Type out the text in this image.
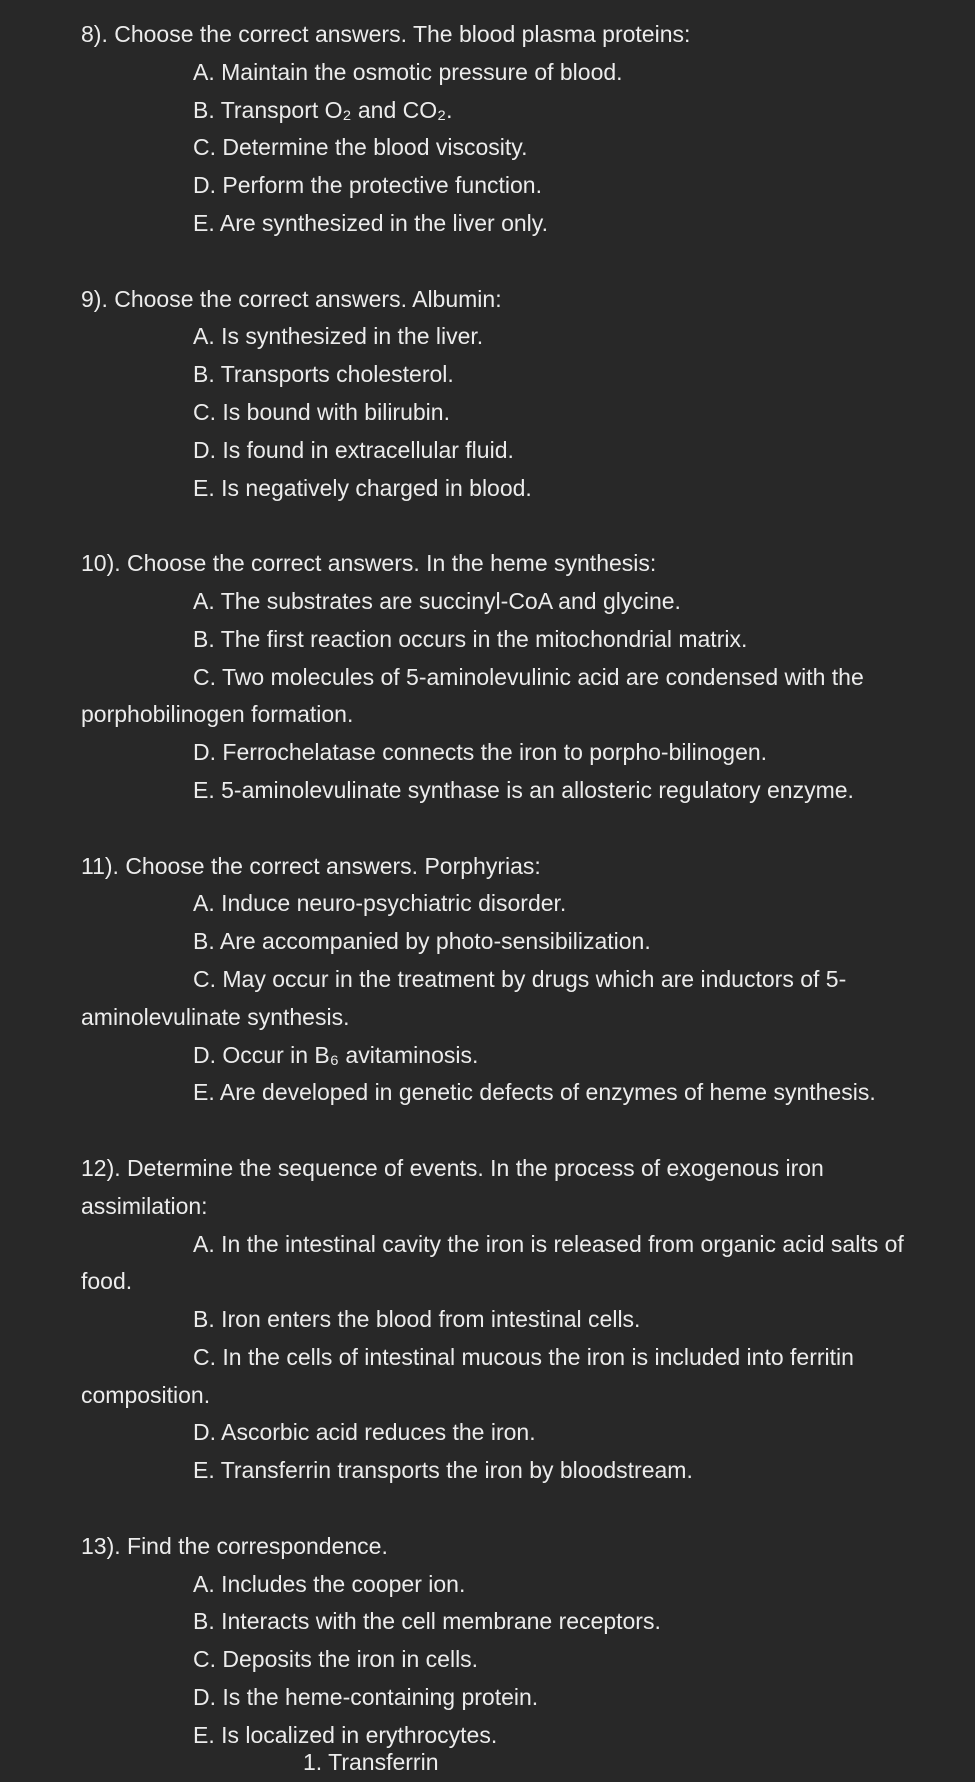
8). Choose the correct answers. The blood plasma proteins:

A. Maintain the osmotic pressure of blood.

B. Transport O₂ and CO₂.

C. Determine the blood viscosity.

D. Perform the protective function.

E. Are synthesized in the liver only.

9). Choose the correct answers. Albumin:

A. Is synthesized in the liver.

B. Transports cholesterol.

C. Is bound with bilirubin.

D. Is found in extracellular fluid.

E. Is negatively charged in blood.

10). Choose the correct answers. In the heme synthesis:

A. The substrates are succinyl-CoA and glycine.

B. The first reaction occurs in the mitochondrial matrix.

C. Two molecules of 5-aminolevulinic acid are condensed with the porphobilinogen formation.

D. Ferrochelatase connects the iron to porpho-bilinogen.

E. 5-aminolevulinate synthase is an allosteric regulatory enzyme.

11). Choose the correct answers. Porphyrias:

A. Induce neuro-psychiatric disorder.

B. Are accompanied by photo-sensibilization.

C. May occur in the treatment by drugs which are inductors of 5-aminolevulinate synthesis.

D. Occur in B₆ avitaminosis.

E. Are developed in genetic defects of enzymes of heme synthesis.

12). Determine the sequence of events. In the process of exogenous iron assimilation:

A. In the intestinal cavity the iron is released from organic acid salts of food.

B. Iron enters the blood from intestinal cells.

C. In the cells of intestinal mucous the iron is included into ferritin composition.

D. Ascorbic acid reduces the iron.

E. Transferrin transports the iron by bloodstream.

13). Find the correspondence.

A. Includes the cooper ion.

B. Interacts with the cell membrane receptors.

C. Deposits the iron in cells.

D. Is the heme-containing protein.

E. Is localized in erythrocytes.

1. Transferrin
